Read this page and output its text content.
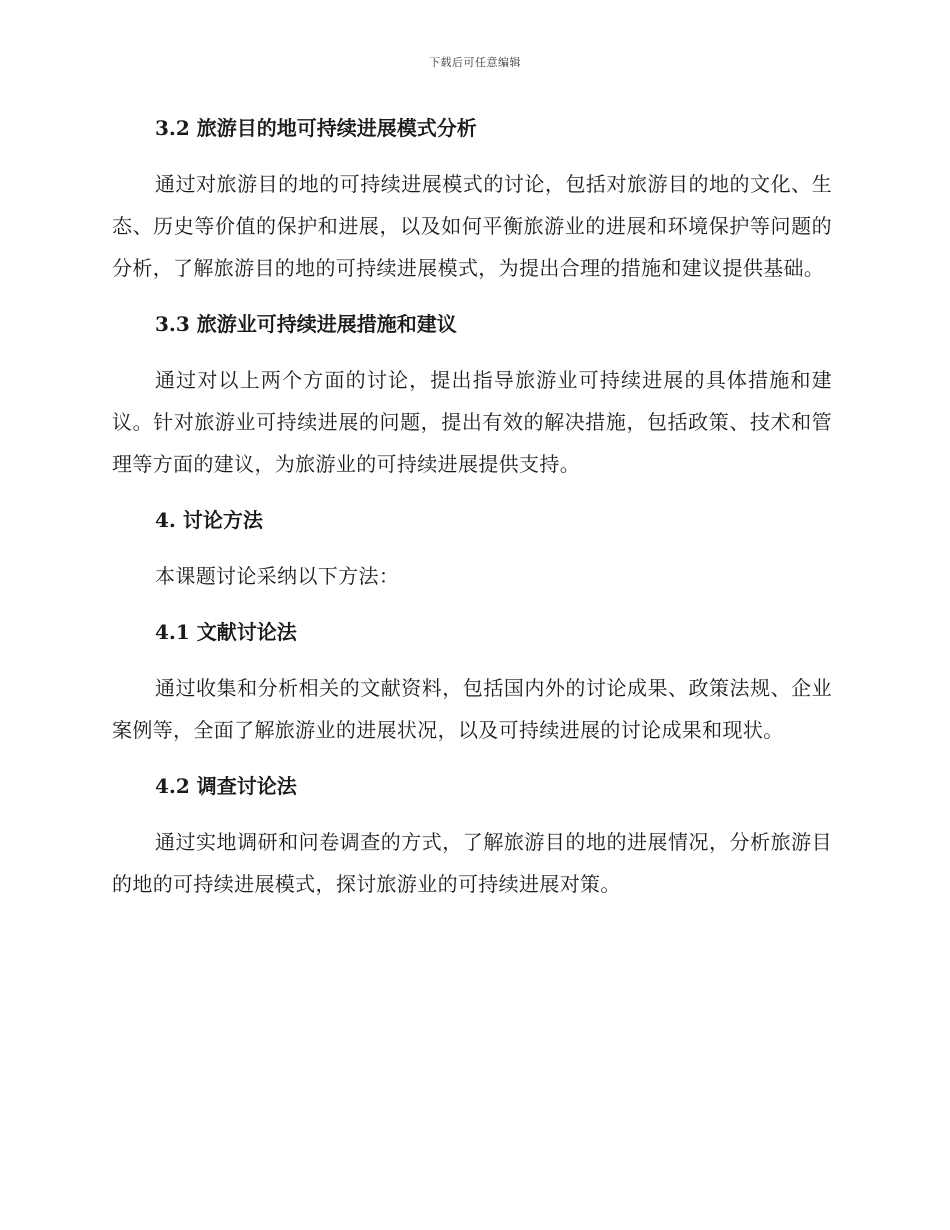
下载后可任意编辑
3.2 旅游目的地可持续进展模式分析

通过对旅游目的地的可持续进展模式的讨论，包括对旅游目的地的文化、生态、历史等价值的保护和进展，以及如何平衡旅游业的进展和环境保护等问题的分析，了解旅游目的地的可持续进展模式，为提出合理的措施和建议提供基础。

3.3 旅游业可持续进展措施和建议

通过对以上两个方面的讨论，提出指导旅游业可持续进展的具体措施和建议。针对旅游业可持续进展的问题，提出有效的解决措施，包括政策、技术和管理等方面的建议，为旅游业的可持续进展提供支持。

4. 讨论方法

本课题讨论采纳以下方法：

4.1 文献讨论法

通过收集和分析相关的文献资料，包括国内外的讨论成果、政策法规、企业案例等，全面了解旅游业的进展状况，以及可持续进展的讨论成果和现状。

4.2 调查讨论法

通过实地调研和问卷调查的方式，了解旅游目的地的进展情况，分析旅游目的地的可持续进展模式，探讨旅游业的可持续进展对策。
